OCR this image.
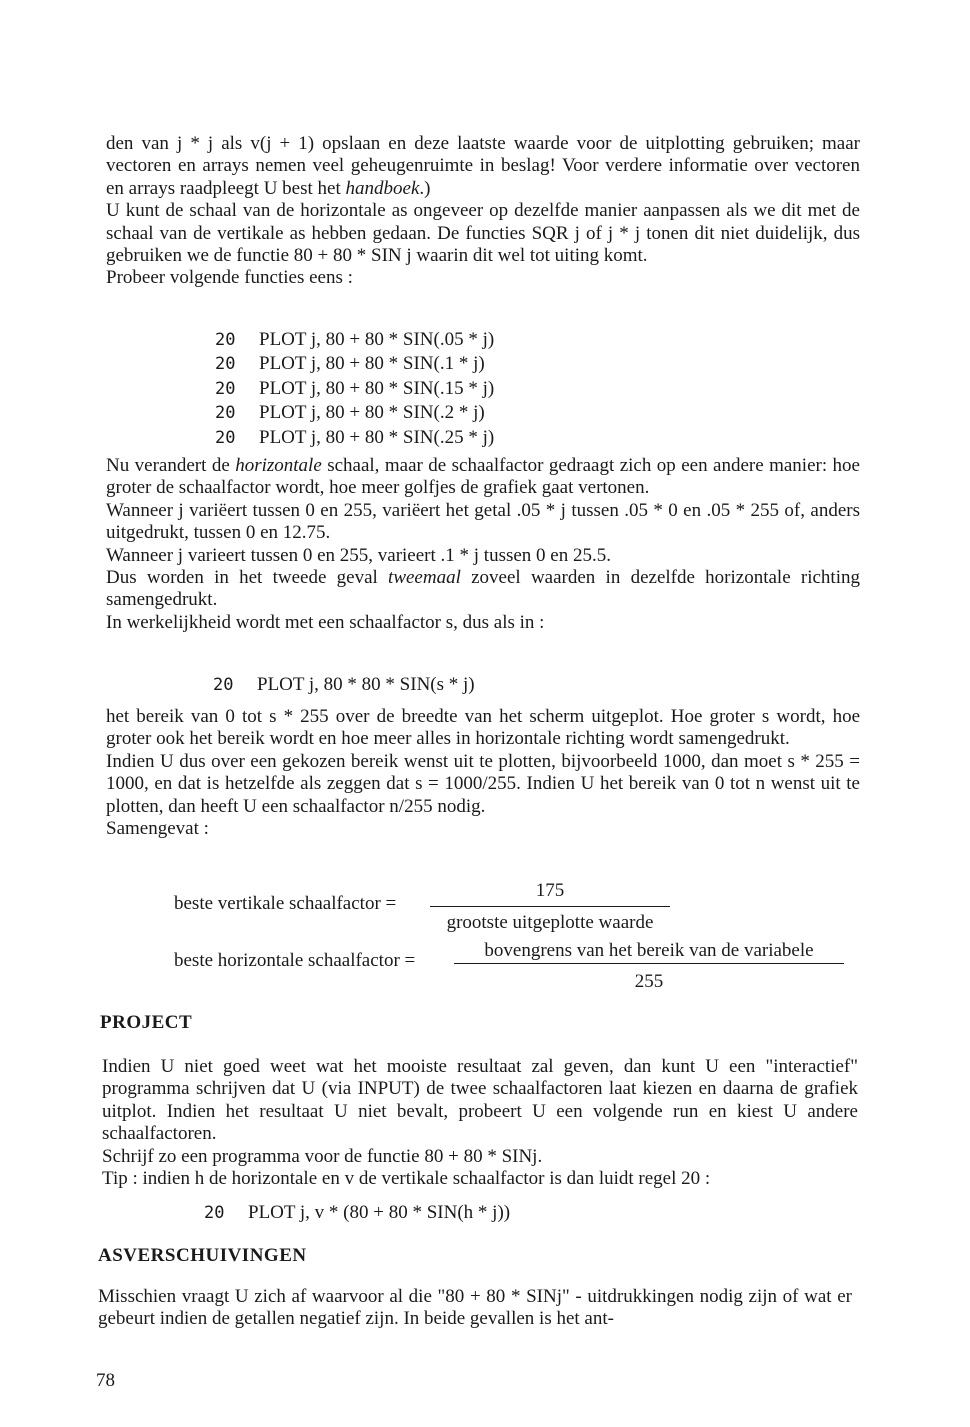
den van j * j als v(j + 1) opslaan en deze laatste waarde voor de uitplotting gebruiken; maar vectoren en arrays nemen veel geheugenruimte in beslag! Voor verdere informatie over vectoren en arrays raadpleegt U best het handboek.)

U kunt de schaal van de horizontale as ongeveer op dezelfde manier aanpassen als we dit met de schaal van de vertikale as hebben gedaan. De functies SQR j of j * j tonen dit niet duidelijk, dus gebruiken we de functie 80 + 80 * SIN j waarin dit wel tot uiting komt.

Probeer volgende functies eens :

20 PLOT j, 80 + 80 * SIN(.05 * j)
20 PLOT j, 80 + 80 * SIN(.1 * j)
20 PLOT j, 80 + 80 * SIN(.15 * j)
20 PLOT j, 80 + 80 * SIN(.2 * j)
20 PLOT j, 80 + 80 * SIN(.25 * j)

Nu verandert de horizontale schaal, maar de schaalfactor gedraagt zich op een andere manier: hoe groter de schaalfactor wordt, hoe meer golfjes de grafiek gaat vertonen.

Wanneer j variëert tussen 0 en 255, variëert het getal .05 * j tussen .05 * 0 en .05 * 255 of, anders uitgedrukt, tussen 0 en 12.75.

Wanneer j varieert tussen 0 en 255, varieert .1 * j tussen 0 en 25.5.

Dus worden in het tweede geval tweemaal zoveel waarden in dezelfde horizontale richting samengedrukt.

In werkelijkheid wordt met een schaalfactor s, dus als in :

20 PLOT j, 80 * 80 * SIN(s * j)

het bereik van 0 tot s * 255 over de breedte van het scherm uitgeplot. Hoe groter s wordt, hoe groter ook het bereik wordt en hoe meer alles in horizontale richting wordt samengedrukt.

Indien U dus over een gekozen bereik wenst uit te plotten, bijvoorbeeld 1000, dan moet s * 255 = 1000, en dat is hetzelfde als zeggen dat s = 1000/255. Indien U het bereik van 0 tot n wenst uit te plotten, dan heeft U een schaalfactor n/255 nodig.

Samengevat :

beste vertikale schaalfactor =
175
grootste uitgeplotte waarde
beste horizontale schaalfactor =	bovengrens van het bereik van de variabele
255
PROJECT

Indien U niet goed weet wat het mooiste resultaat zal geven, dan kunt U een "interactief" programma schrijven dat U (via INPUT) de twee schaalfactoren laat kiezen en daarna de grafiek uitplot. Indien het resultaat U niet bevalt, probeert U een volgende run en kiest U andere schaalfactoren.

Schrijf zo een programma voor de functie 80 + 80 * SINj.

Tip : indien h de horizontale en v de vertikale schaalfactor is dan luidt regel 20 :

20 PLOT j, v * (80 + 80 * SIN(h * j))
ASVERSCHUIVINGEN

Misschien vraagt U zich af waarvoor al die "80 + 80 * SINj" - uitdrukkingen nodig zijn of wat er gebeurt indien de getallen negatief zijn. In beide gevallen is het ant-

78
